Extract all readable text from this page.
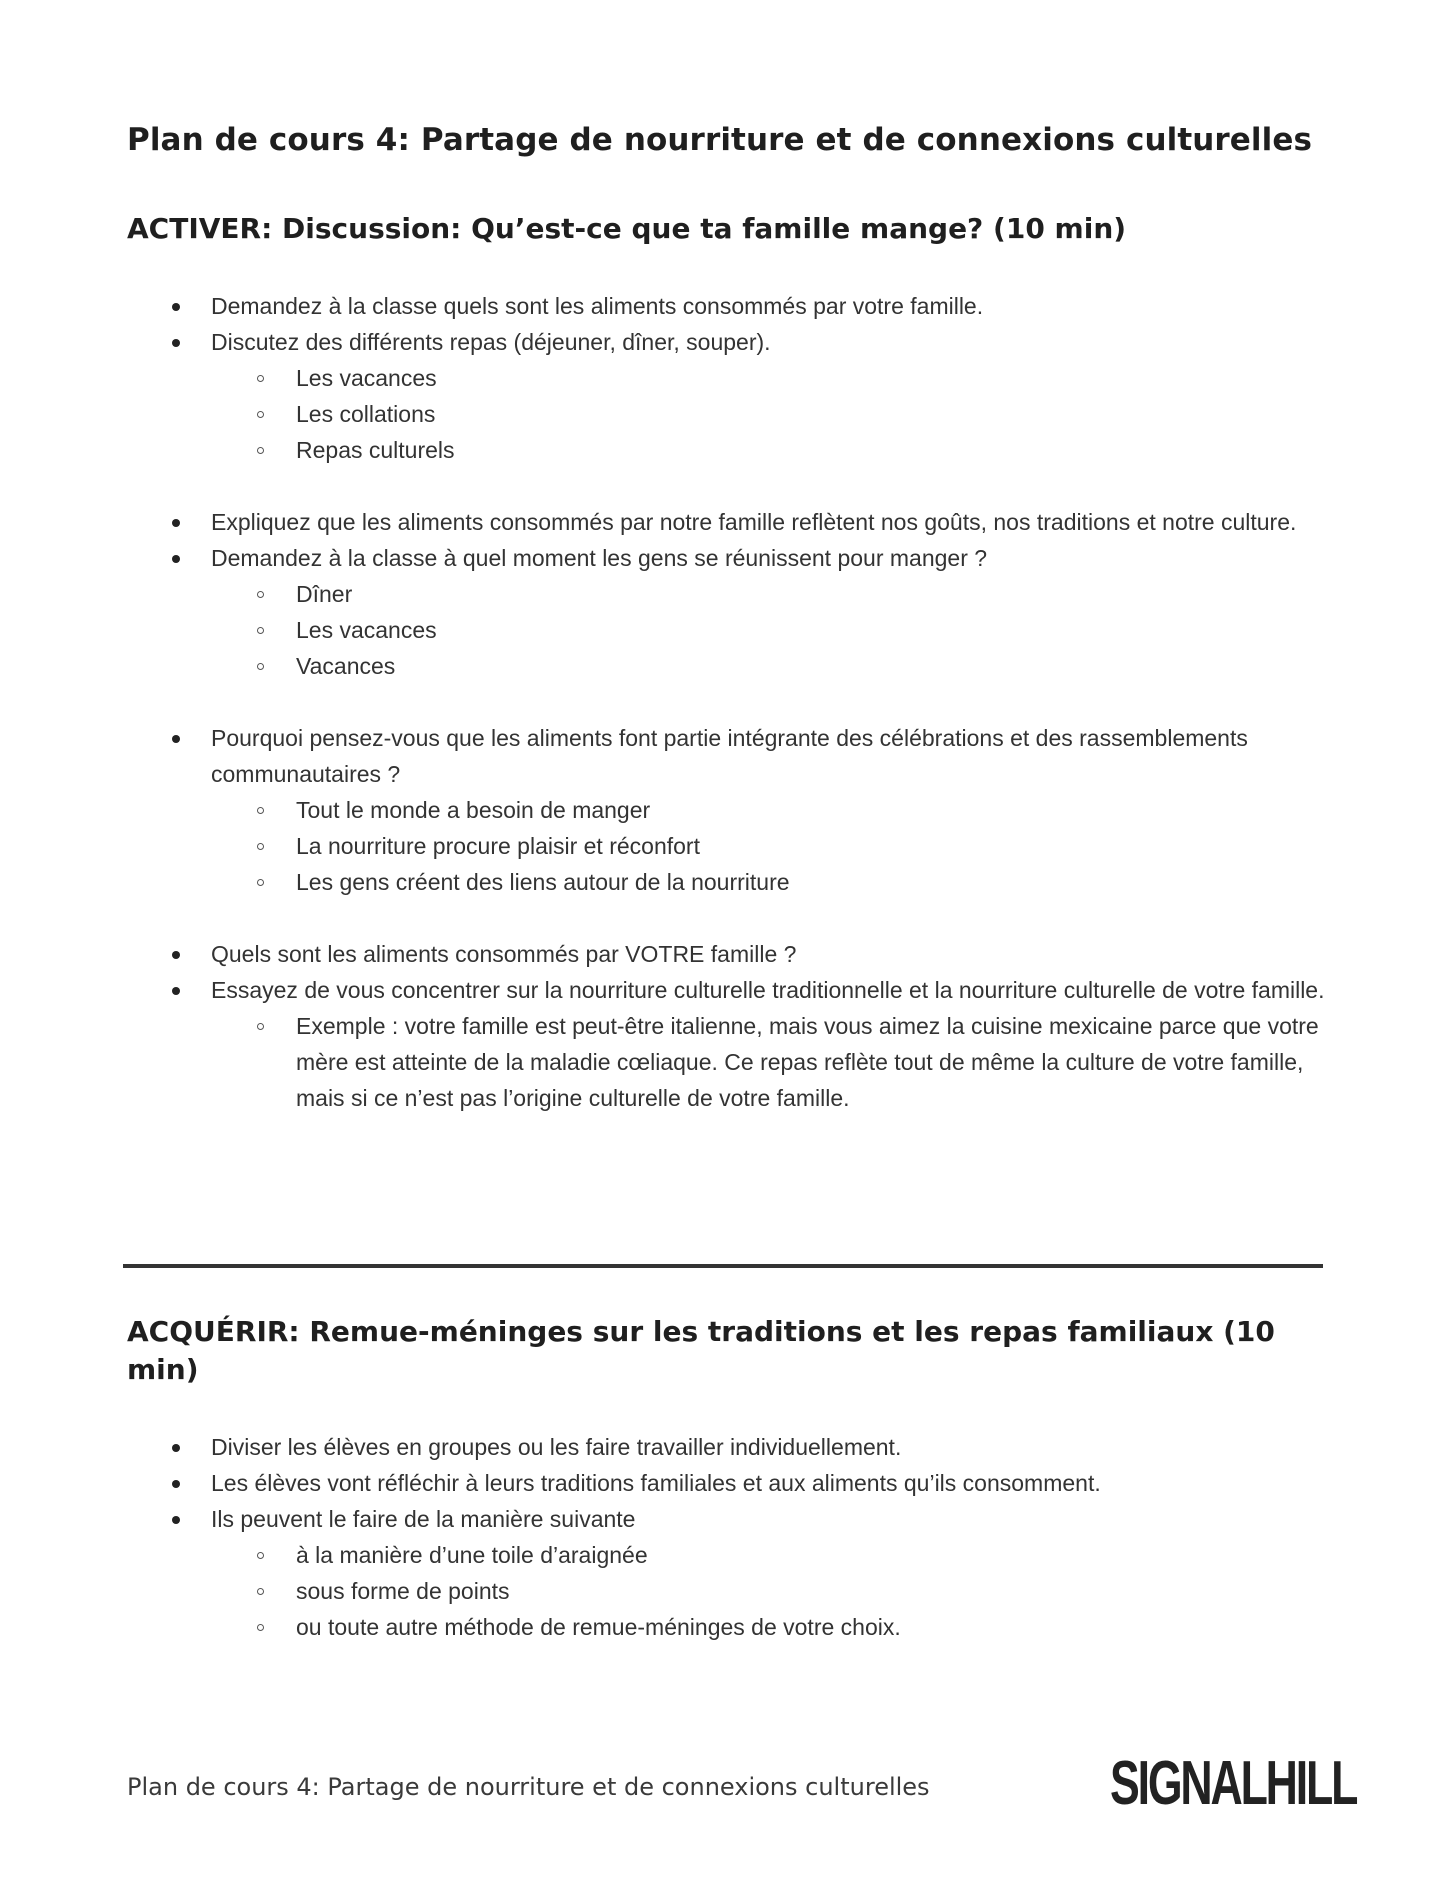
Plan de cours 4: Partage de nourriture et de connexions culturelles
ACTIVER: Discussion: Qu’est-ce que ta famille mange? (10 min)
Demandez à la classe quels sont les aliments consommés par votre famille.
Discutez des différents repas (déjeuner, dîner, souper).
Les vacances
Les collations
Repas culturels
Expliquez que les aliments consommés par notre famille reflètent nos goûts, nos traditions et notre culture.
Demandez à la classe à quel moment les gens se réunissent pour manger ?
Dîner
Les vacances
Vacances
Pourquoi pensez-vous que les aliments font partie intégrante des célébrations et des rassemblements communautaires ?
Tout le monde a besoin de manger
La nourriture procure plaisir et réconfort
Les gens créent des liens autour de la nourriture
Quels sont les aliments consommés par VOTRE famille ?
Essayez de vous concentrer sur la nourriture culturelle traditionnelle et la nourriture culturelle de votre famille.
Exemple : votre famille est peut-être italienne, mais vous aimez la cuisine mexicaine parce que votre mère est atteinte de la maladie cœliaque. Ce repas reflète tout de même la culture de votre famille, mais si ce n’est pas l’origine culturelle de votre famille.
ACQUÉRIR: Remue-méninges sur les traditions et les repas familiaux (10 min)
Diviser les élèves en groupes ou les faire travailler individuellement.
Les élèves vont réfléchir à leurs traditions familiales et aux aliments qu’ils consomment.
Ils peuvent le faire de la manière suivante
à la manière d’une toile d’araignée
sous forme de points
ou toute autre méthode de remue-méninges de votre choix.
Plan de cours 4: Partage de nourriture et de connexions culturelles	SIGNALHILL
